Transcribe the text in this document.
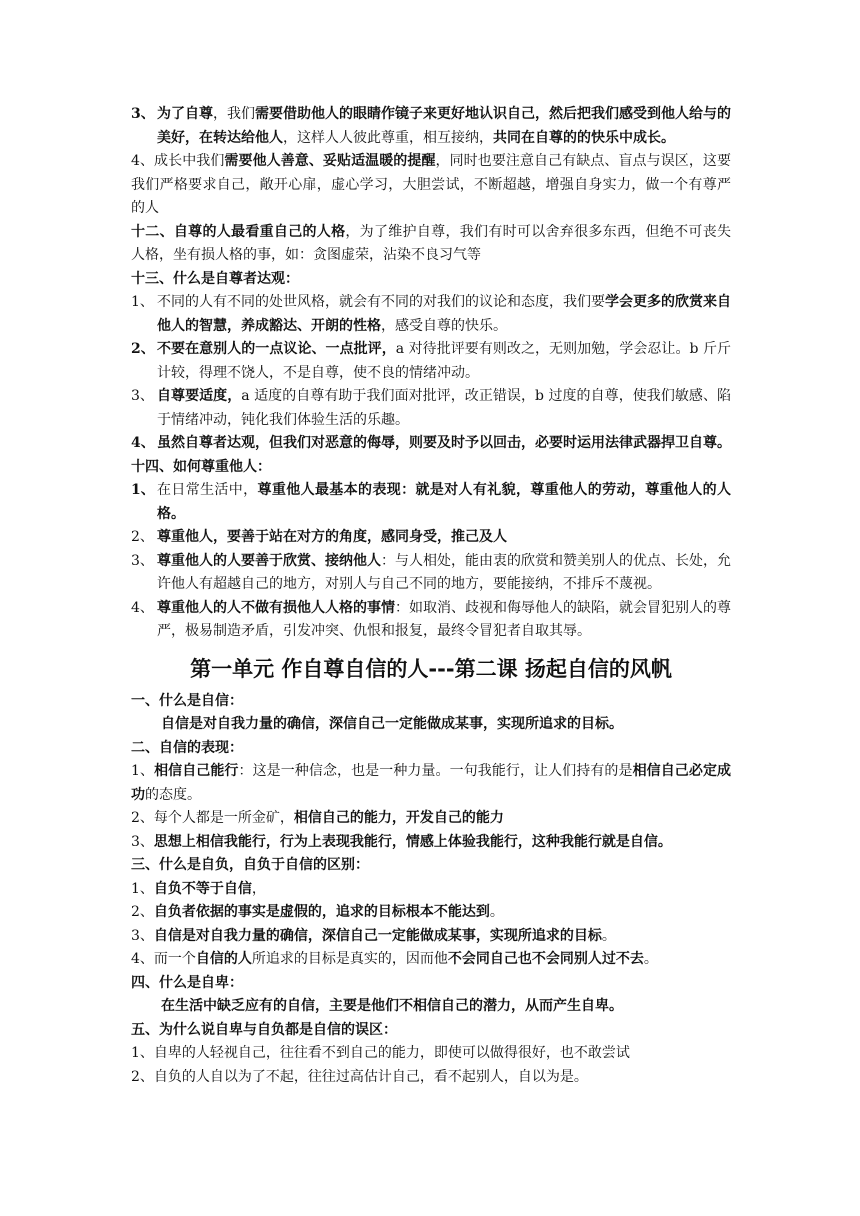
3、 为了自尊，我们需要借助他人的眼睛作镜子来更好地认识自己，然后把我们感受到他人给与的美好，在转达给他人，这样人人彼此尊重，相互接纳，共同在自尊的的快乐中成长。
4、成长中我们需要他人善意、妥贴适温暖的提醒，同时也要注意自己有缺点、盲点与误区，这要我们严格要求自己，敞开心扉，虚心学习，大胆尝试，不断超越，增强自身实力，做一个有尊严的人
十二、自尊的人最看重自己的人格，为了维护自尊，我们有时可以舍弃很多东西，但绝不可丧失人格，坐有损人格的事，如：贪图虚荣，沾染不良习气等
十三、什么是自尊者达观：
1、 不同的人有不同的处世风格，就会有不同的对我们的议论和态度，我们要学会更多的欣赏来自他人的智慧，养成豁达、开朗的性格，感受自尊的快乐。
2、 不要在意别人的一点议论、一点批评，a 对待批评要有则改之，无则加勉，学会忍让。b 斤斤计较，得理不饶人，不是自尊，使不良的情绪冲动。
3、 自尊要适度，a 适度的自尊有助于我们面对批评，改正错误，b 过度的自尊，使我们敏感、陷于情绪冲动，钝化我们体验生活的乐趣。
4、 虽然自尊者达观，但我们对恶意的侮辱，则要及时予以回击，必要时运用法律武器捍卫自尊。
十四、如何尊重他人：
1、 在日常生活中，尊重他人最基本的表现：就是对人有礼貌，尊重他人的劳动，尊重他人的人格。
2、 尊重他人，要善于站在对方的角度，感同身受，推己及人
3、 尊重他人的人要善于欣赏、接纳他人：与人相处，能由衷的欣赏和赞美别人的优点、长处，允许他人有超越自己的地方，对别人与自己不同的地方，要能接纳，不排斥不蔑视。
4、 尊重他人的人不做有损他人人格的事情：如取消、歧视和侮辱他人的缺陷，就会冒犯别人的尊严，极易制造矛盾，引发冲突、仇恨和报复，最终令冒犯者自取其辱。
第一单元 作自尊自信的人---第二课 扬起自信的风帆
一、什么是自信：
自信是对自我力量的确信，深信自己一定能做成某事，实现所追求的目标。
二、自信的表现：
1、相信自己能行：这是一种信念，也是一种力量。一句我能行，让人们持有的是相信自己必定成功的态度。
2、每个人都是一所金矿，相信自己的能力，开发自己的能力
3、思想上相信我能行，行为上表现我能行，情感上体验我能行，这种我能行就是自信。
三、什么是自负，自负于自信的区别：
1、自负不等于自信，
2、自负者依据的事实是虚假的，追求的目标根本不能达到。
3、自信是对自我力量的确信，深信自己一定能做成某事，实现所追求的目标。
4、而一个自信的人所追求的目标是真实的，因而他不会同自己也不会同别人过不去。
四、什么是自卑：
在生活中缺乏应有的自信，主要是他们不相信自己的潜力，从而产生自卑。
五、为什么说自卑与自负都是自信的误区：
1、自卑的人轻视自己，往往看不到自己的能力，即使可以做得很好，也不敢尝试
2、自负的人自以为了不起，往往过高估计自己，看不起别人，自以为是。
